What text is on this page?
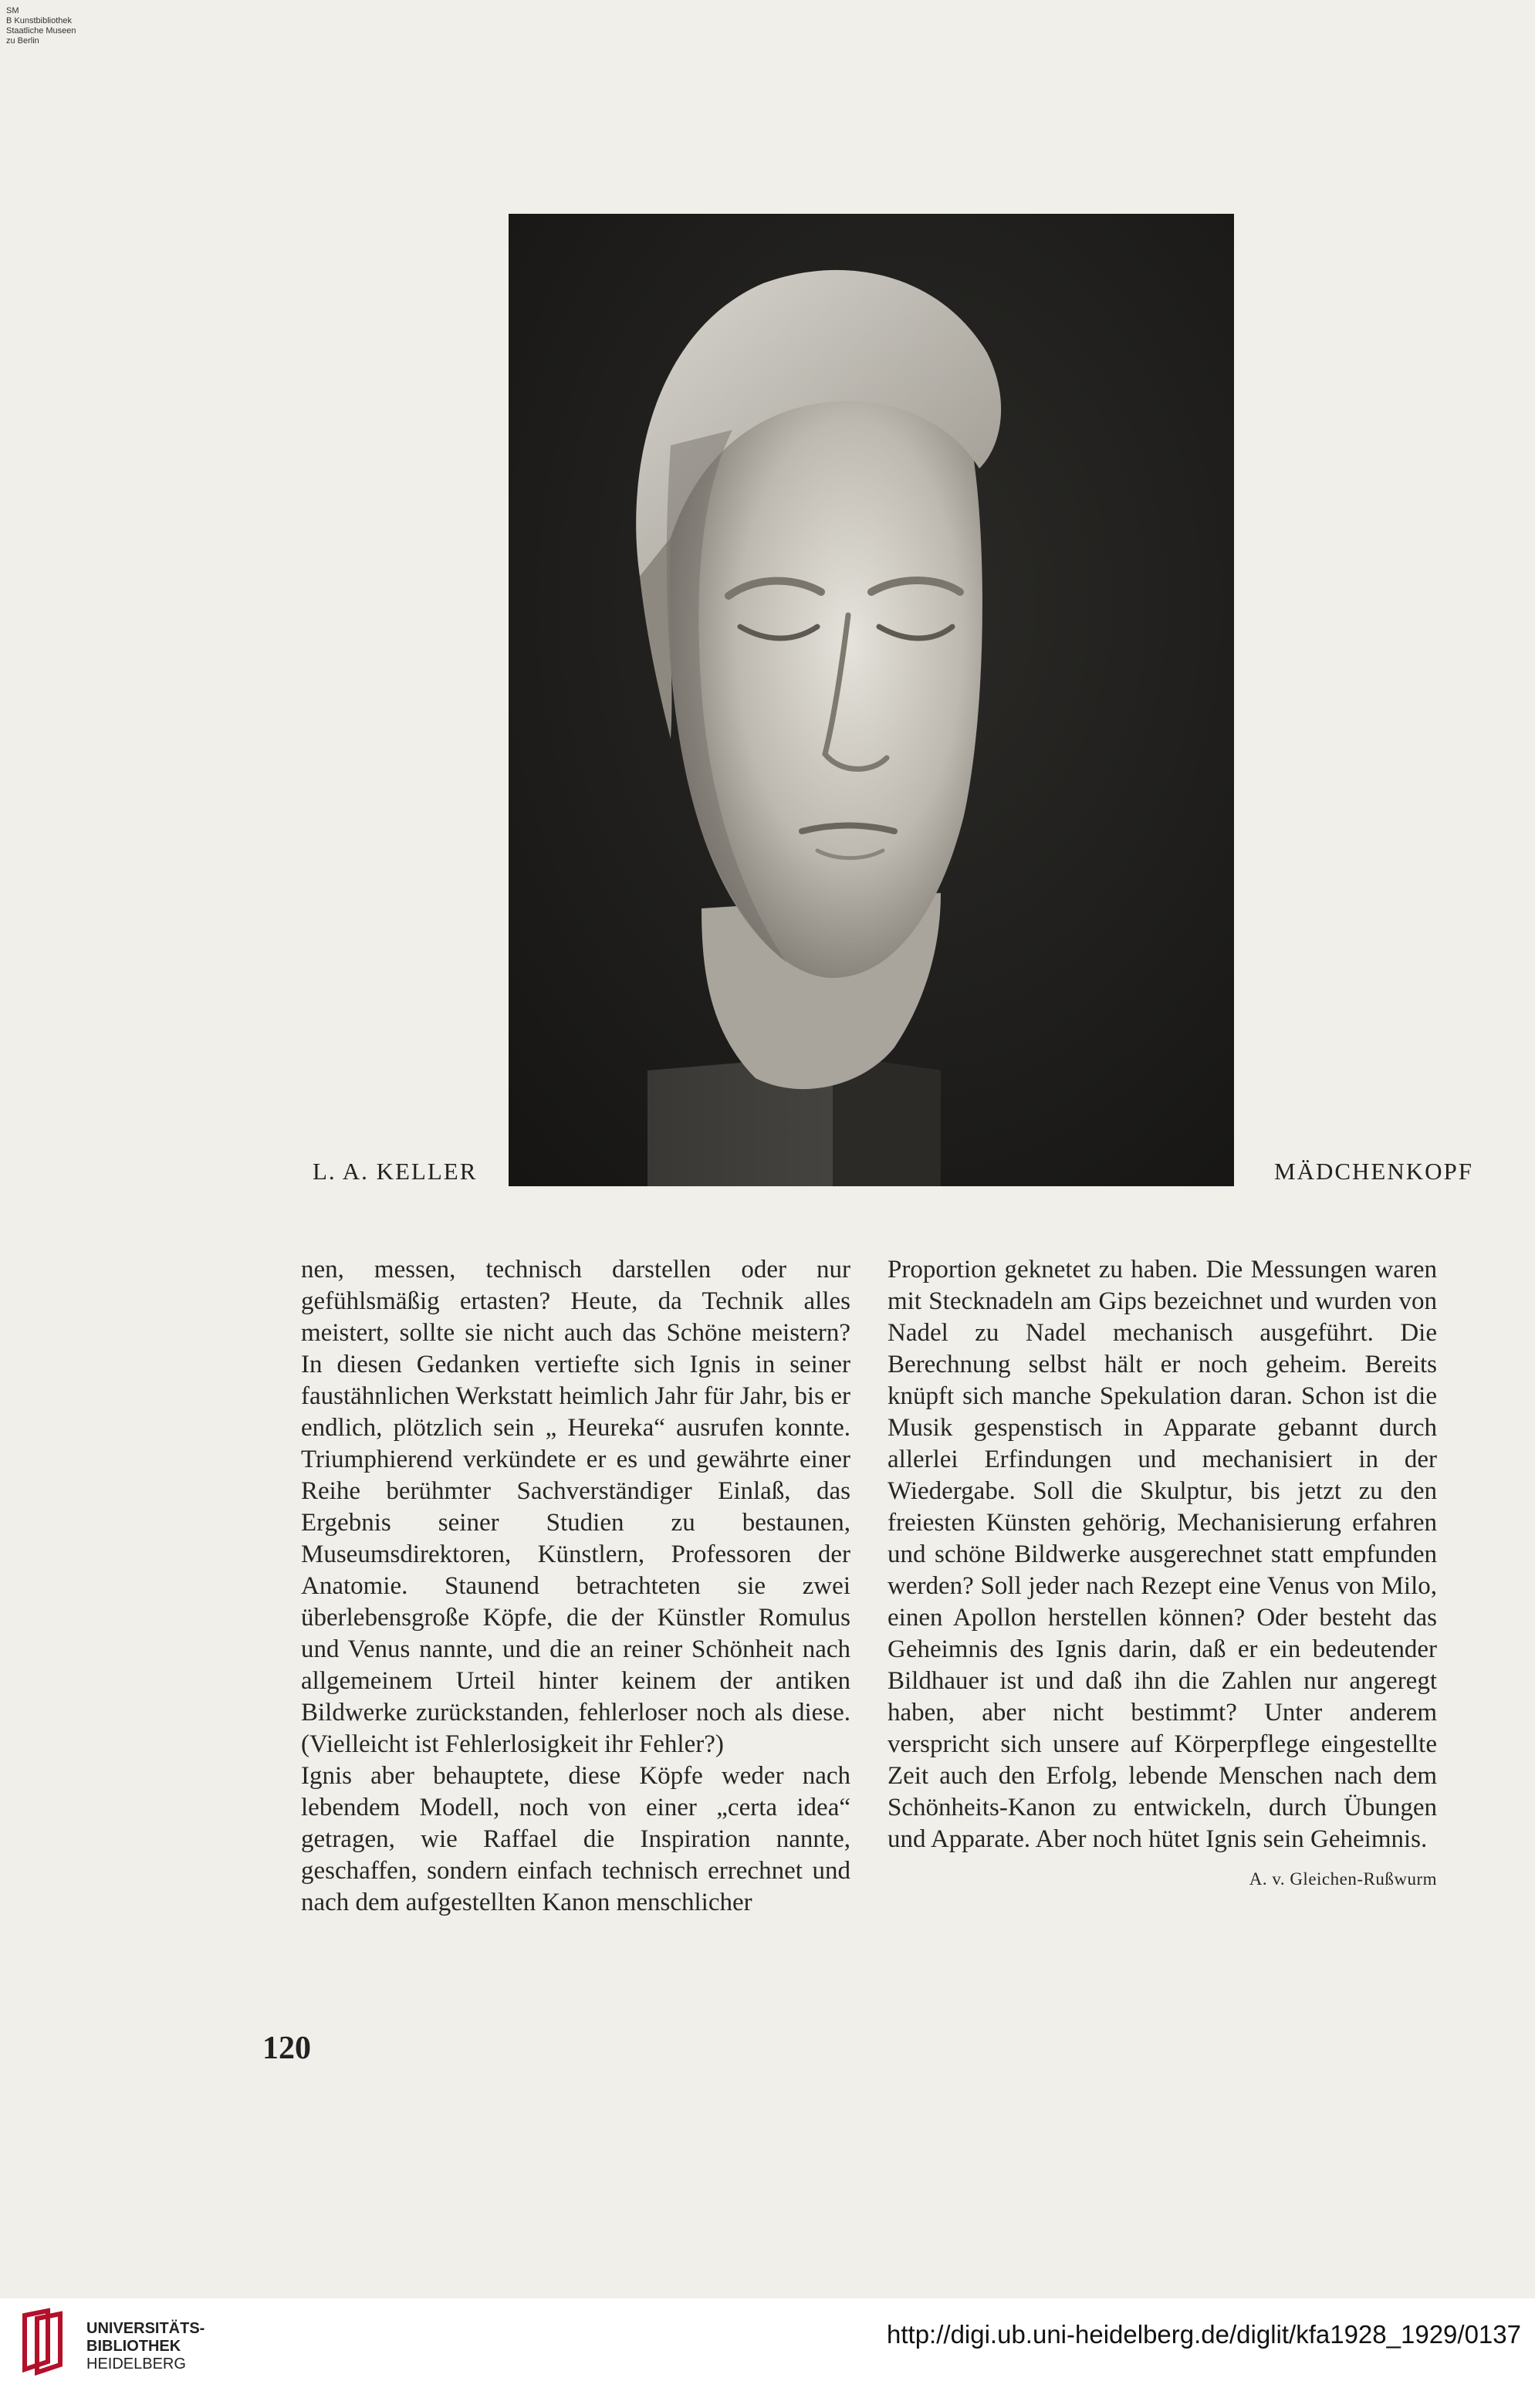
SM
B Kunstbibliothek
Staatliche Museen
zu Berlin
L. A. KELLER	MÄDCHENKOPF

nen, messen, technisch darstellen oder nur gefühlsmäßig ertasten? Heute, da Technik alles meistert, sollte sie nicht auch das Schöne meistern? In diesen Gedanken vertiefte sich Ignis in seiner faustähnlichen Werkstatt heimlich Jahr für Jahr, bis er endlich, plötzlich sein „ Heureka“ ausrufen konnte. Triumphierend verkündete er es und gewährte einer Reihe berühmter Sachverständiger Einlaß, das Ergebnis seiner Studien zu bestaunen, Museumsdirektoren, Künstlern, Professoren der Anatomie. Staunend betrachteten sie zwei überlebensgroße Köpfe, die der Künstler Romulus und Venus nannte, und die an reiner Schönheit nach allgemeinem Urteil hinter keinem der antiken Bildwerke zurückstanden, fehlerloser noch als diese. (Vielleicht ist Fehlerlosigkeit ihr Fehler?)

Ignis aber behauptete, diese Köpfe weder nach lebendem Modell, noch von einer „certa idea“ getragen, wie Raffael die Inspiration nannte, geschaffen, sondern einfach technisch errechnet und nach dem aufgestellten Kanon menschlicher

Proportion geknetet zu haben. Die Messungen waren mit Stecknadeln am Gips bezeichnet und wurden von Nadel zu Nadel mechanisch ausgeführt. Die Berechnung selbst hält er noch geheim. Bereits knüpft sich manche Spekulation daran. Schon ist die Musik gespenstisch in Apparate gebannt durch allerlei Erfindungen und mechanisiert in der Wiedergabe. Soll die Skulptur, bis jetzt zu den freiesten Künsten gehörig, Mechanisierung erfahren und schöne Bildwerke ausgerechnet statt empfunden werden? Soll jeder nach Rezept eine Venus von Milo, einen Apollon herstellen können? Oder besteht das Geheimnis des Ignis darin, daß er ein bedeutender Bildhauer ist und daß ihn die Zahlen nur angeregt haben, aber nicht bestimmt? Unter anderem verspricht sich unsere auf Körperpflege eingestellte Zeit auch den Erfolg, lebende Menschen nach dem Schönheits-Kanon zu entwickeln, durch Übungen und Apparate. Aber noch hütet Ignis sein Geheimnis.

A. v. Gleichen-Rußwurm
120
UNIVERSITÄTS-
BIBLIOTHEK
HEIDELBERG
http://digi.ub.uni-heidelberg.de/diglit/kfa1928_1929/0137
